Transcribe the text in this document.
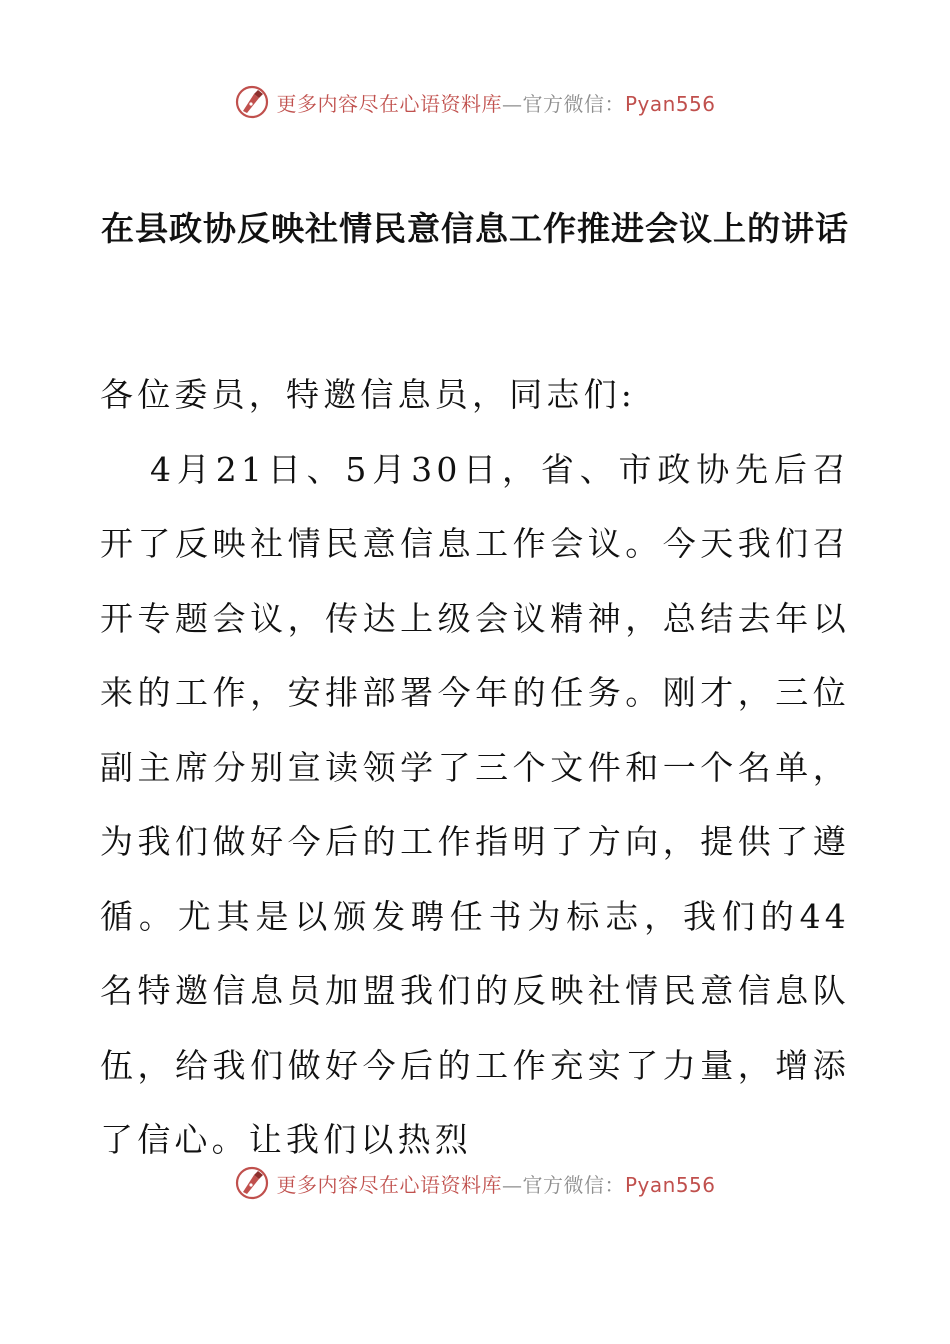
更多内容尽在心语资料库—官方微信：Pyan556
在县政协反映社情民意信息工作推进会议上的讲话

各位委员，特邀信息员，同志们:

4月21日、5月30日，省、市政协先后召开了反映社情民意信息工作会议。今天我们召开专题会议，传达上级会议精神，总结去年以来的工作，安排部署今年的任务。刚才，三位副主席分别宣读领学了三个文件和一个名单，为我们做好今后的工作指明了方向，提供了遵循。尤其是以颁发聘任书为标志，我们的44名特邀信息员加盟我们的反映社情民意信息队伍，给我们做好今后的工作充实了力量，增添了信心。让我们以热烈

更多内容尽在心语资料库—官方微信：Pyan556
